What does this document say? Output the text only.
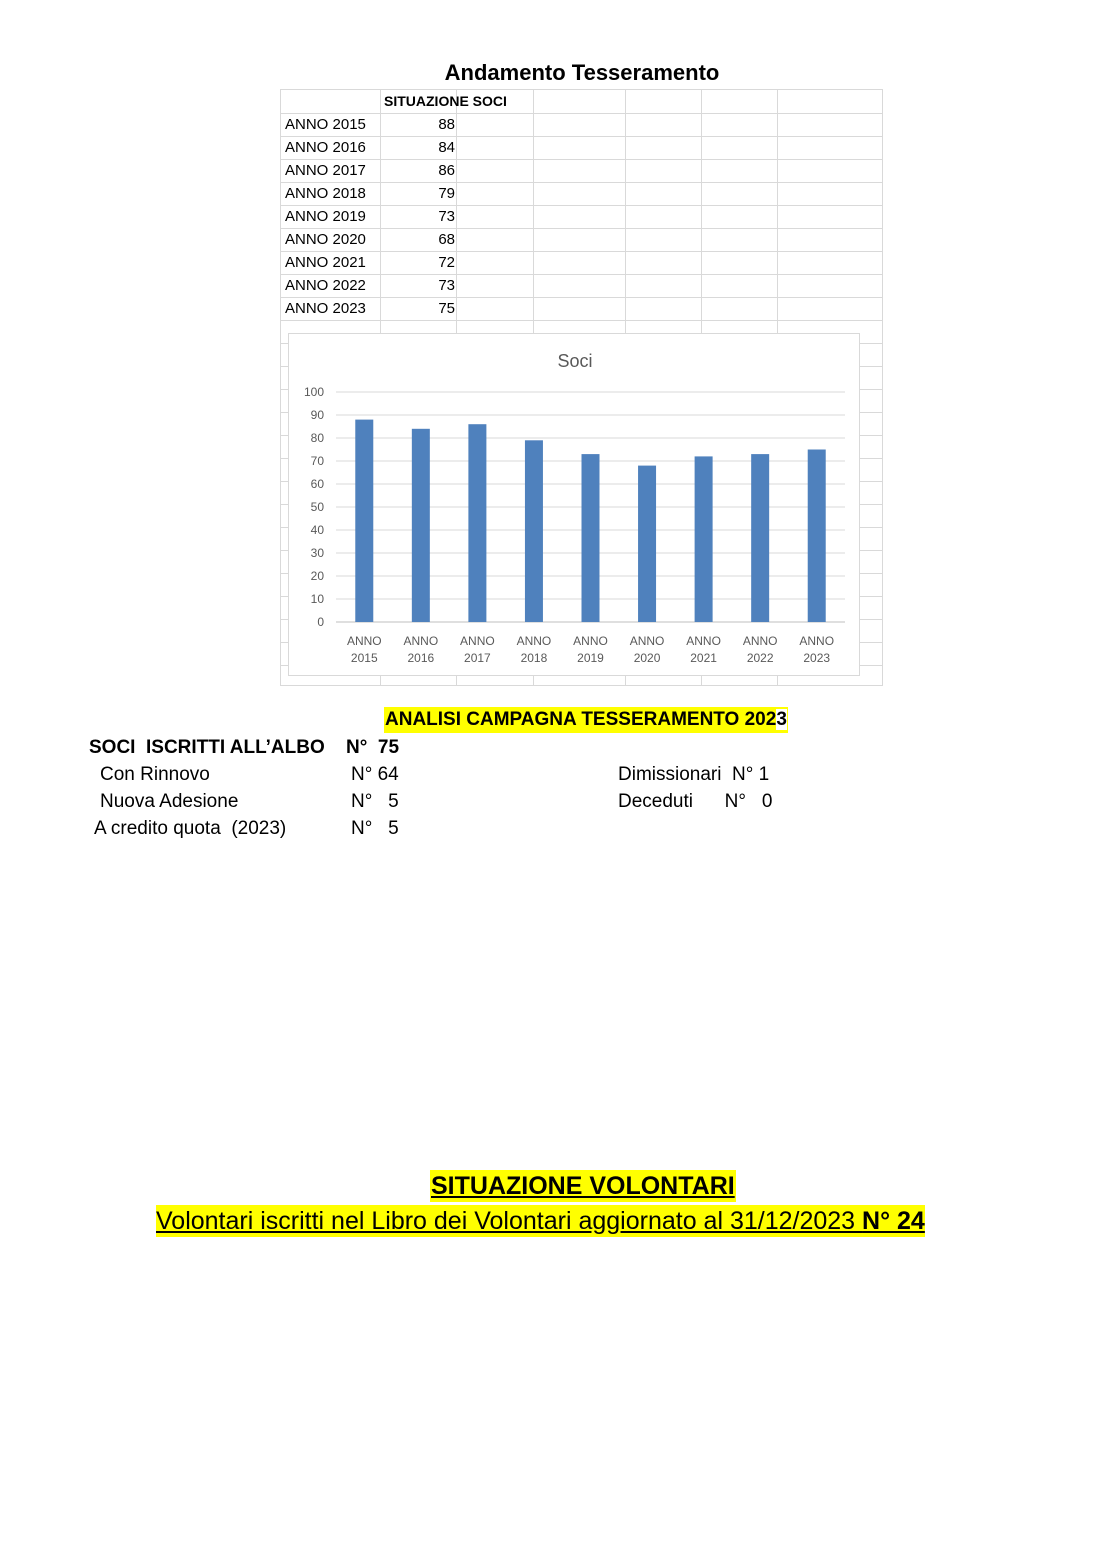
Andamento Tesseramento
SITUAZIONE SOCI
ANNO 2015	88
ANNO 2016	84
ANNO 2017	86
ANNO 2018	79
ANNO 2019	73
ANNO 2020	68
ANNO 2021	72
ANNO 2022	73
ANNO 2023	75
Soci
0
10
20
30
40
50
60
70
80
90
100
ANNO
2015
ANNO
2016
ANNO
2017
ANNO
2018
ANNO
2019
ANNO
2020
ANNO
2021
ANNO
2022
ANNO
2023
ANALISI CAMPAGNA TESSERAMENTO 2023
SOCI  ISCRITTI ALL’ALBO N°  75
Con Rinnovo	N° 64	Dimissionari  N° 1
Nuova Adesione	N°   5	Deceduti      N°   0
A credito quota  (2023)	N°   5
SITUAZIONE VOLONTARI
Volontari iscritti nel Libro dei Volontari aggiornato al 31/12/2023 N° 24
